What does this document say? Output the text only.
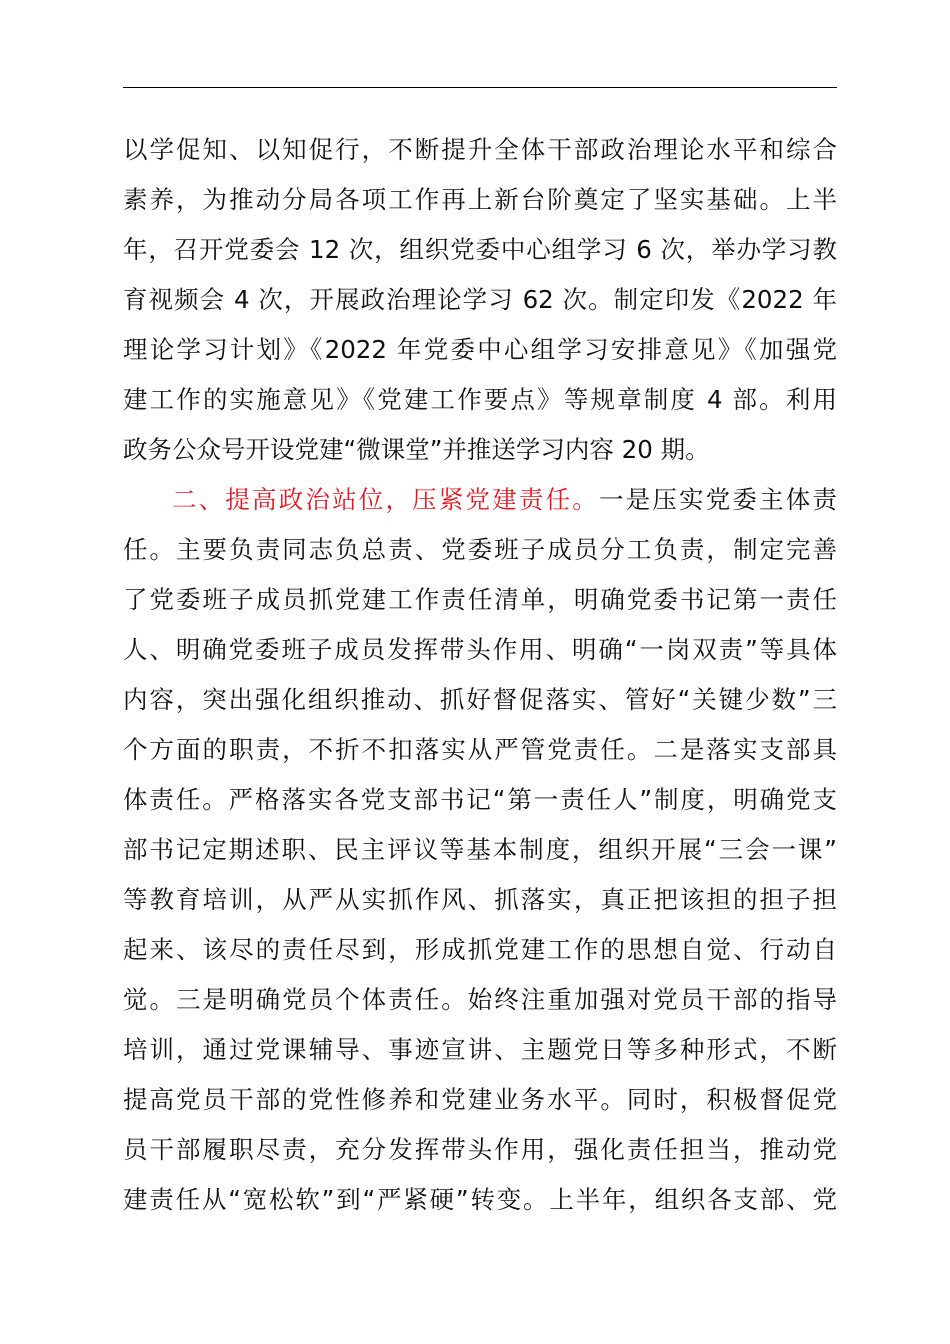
以学促知、以知促行，不断提升全体干部政治理论水平和综合
素养，为推动分局各项工作再上新台阶奠定了坚实基础。上半
年，召开党委会 12 次，组织党委中心组学习 6 次，举办学习教
育视频会 4 次，开展政治理论学习 62 次。制定印发《2022 年
理论学习计划》《2022 年党委中心组学习安排意见》《加强党
建工作的实施意见》《党建工作要点》等规章制度 4 部。利用
政务公众号开设党建“微课堂”并推送学习内容 20 期。
二、提高政治站位，压紧党建责任。一是压实党委主体责
任。主要负责同志负总责、党委班子成员分工负责，制定完善
了党委班子成员抓党建工作责任清单，明确党委书记第一责任
人、明确党委班子成员发挥带头作用、明确“一岗双责”等具体
内容，突出强化组织推动、抓好督促落实、管好“关键少数”三
个方面的职责，不折不扣落实从严管党责任。二是落实支部具
体责任。严格落实各党支部书记“第一责任人”制度，明确党支
部书记定期述职、民主评议等基本制度，组织开展“三会一课”
等教育培训，从严从实抓作风、抓落实，真正把该担的担子担
起来、该尽的责任尽到，形成抓党建工作的思想自觉、行动自
觉。三是明确党员个体责任。始终注重加强对党员干部的指导
培训，通过党课辅导、事迹宣讲、主题党日等多种形式，不断
提高党员干部的党性修养和党建业务水平。同时，积极督促党
员干部履职尽责，充分发挥带头作用，强化责任担当，推动党
建责任从“宽松软”到“严紧硬”转变。上半年，组织各支部、党
